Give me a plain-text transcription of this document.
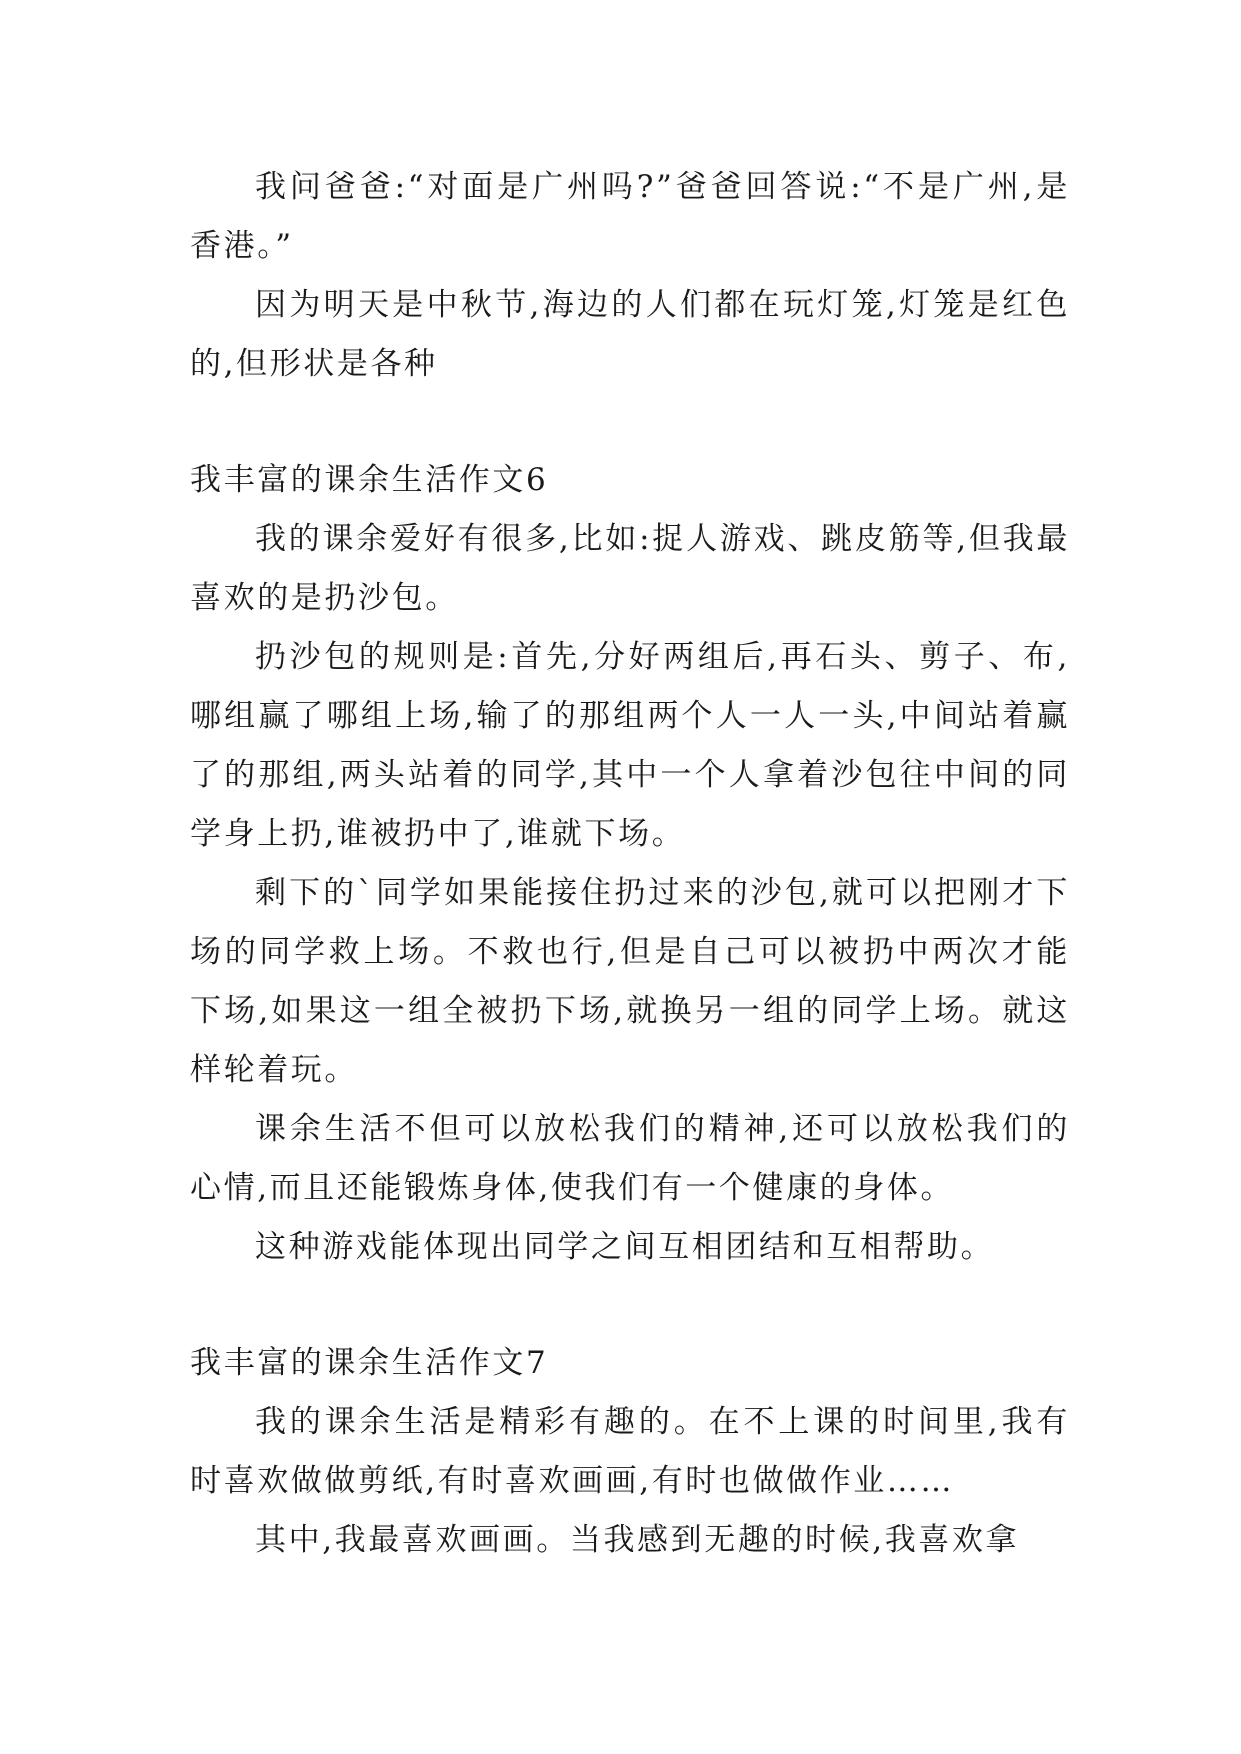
我问爸爸:“对面是广州吗?”爸爸回答说:“不是广州,是香港。”

因为明天是中秋节,海边的人们都在玩灯笼,灯笼是红色的,但形状是各种

我丰富的课余生活作文6

我的课余爱好有很多,比如:捉人游戏、跳皮筋等,但我最喜欢的是扔沙包。

扔沙包的规则是:首先,分好两组后,再石头、剪子、布,哪组赢了哪组上场,输了的那组两个人一人一头,中间站着赢了的那组,两头站着的同学,其中一个人拿着沙包往中间的同学身上扔,谁被扔中了,谁就下场。

剩下的`同学如果能接住扔过来的沙包,就可以把刚才下场的同学救上场。不救也行,但是自己可以被扔中两次才能下场,如果这一组全被扔下场,就换另一组的同学上场。就这样轮着玩。

课余生活不但可以放松我们的精神,还可以放松我们的心情,而且还能锻炼身体,使我们有一个健康的身体。

这种游戏能体现出同学之间互相团结和互相帮助。

我丰富的课余生活作文7

我的课余生活是精彩有趣的。在不上课的时间里,我有时喜欢做做剪纸,有时喜欢画画,有时也做做作业……

其中,我最喜欢画画。当我感到无趣的时候,我喜欢拿
